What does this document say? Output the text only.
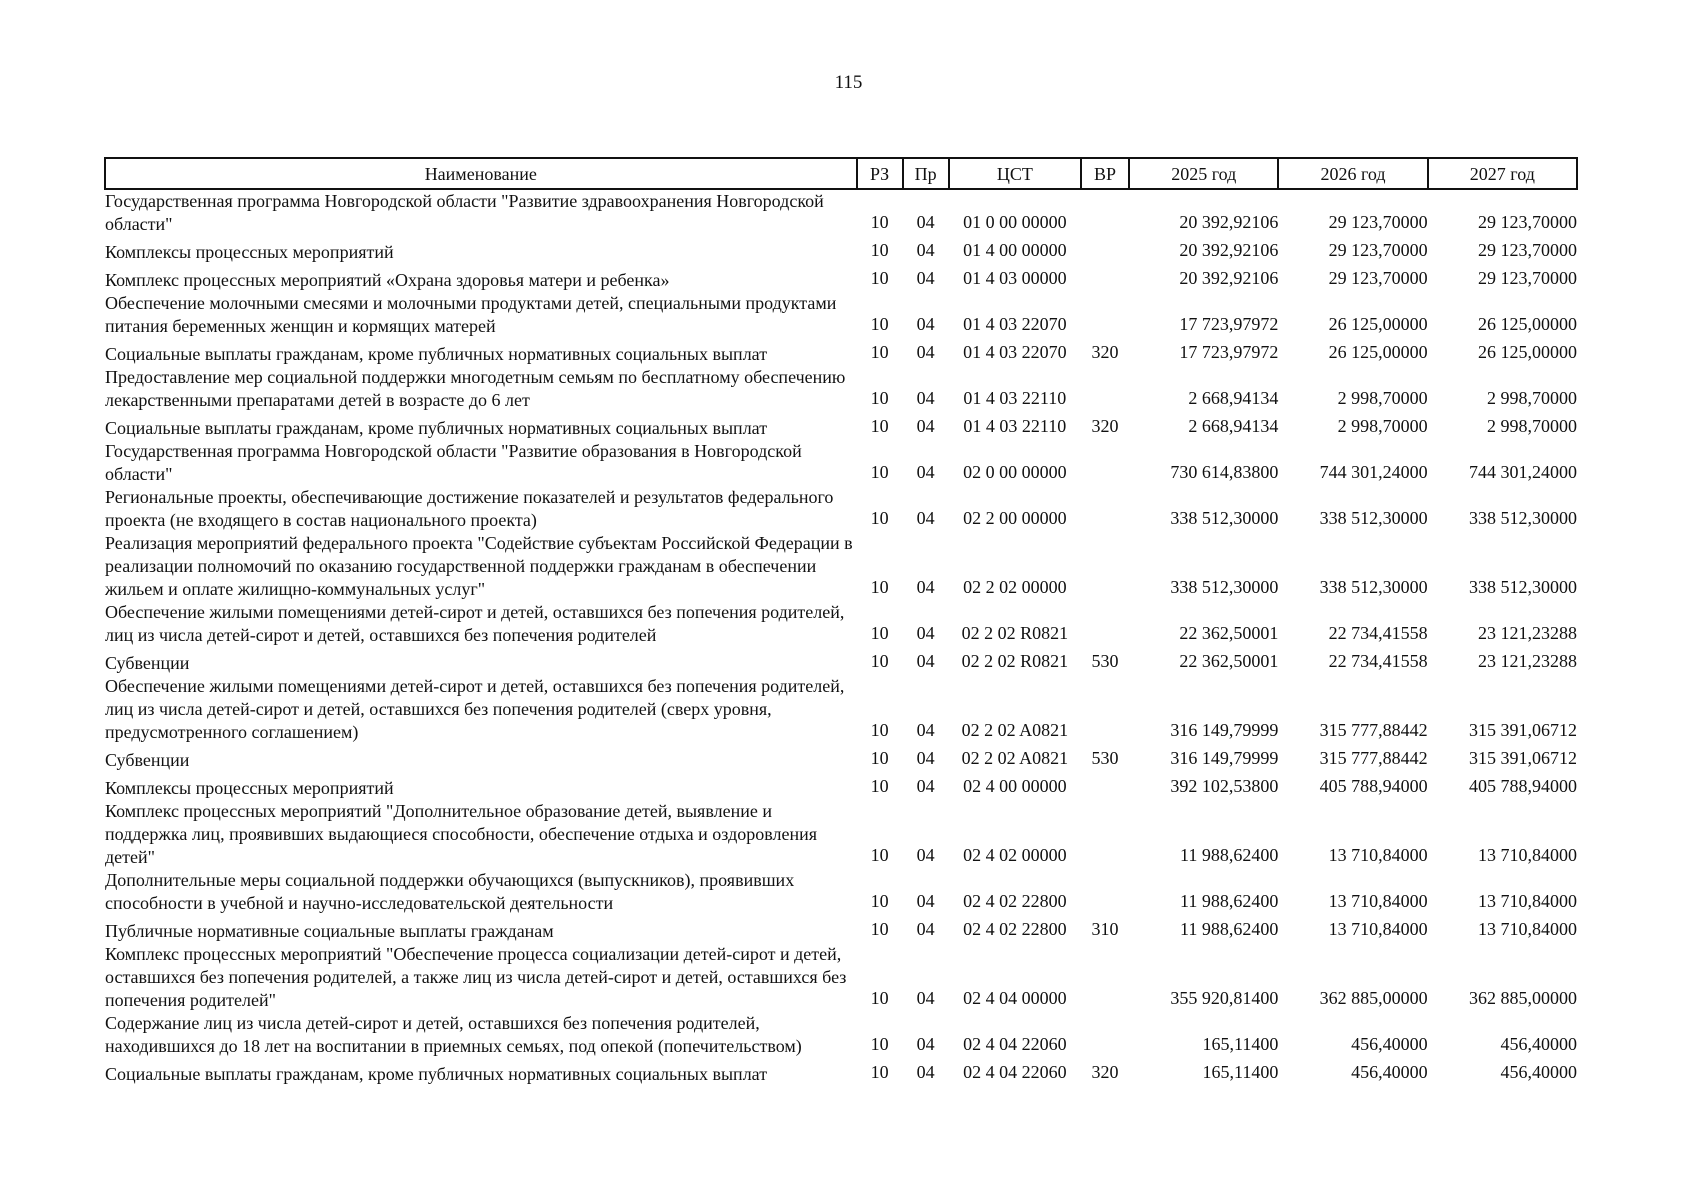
115
Наименование	РЗ	Пр	ЦСТ	ВР	2025 год	2026 год	2027 год
Государственная программа Новгородской области "Развитие здравоохранения Новгородской области"	10	04	01 0 00 00000		20 392,92106	29 123,70000	29 123,70000
Комплексы процессных мероприятий	10	04	01 4 00 00000		20 392,92106	29 123,70000	29 123,70000
Комплекс процессных мероприятий «Охрана здоровья матери и ребенка»	10	04	01 4 03 00000		20 392,92106	29 123,70000	29 123,70000
Обеспечение молочными смесями и молочными продуктами детей, специальными продуктами питания беременных женщин и кормящих матерей	10	04	01 4 03 22070		17 723,97972	26 125,00000	26 125,00000
Социальные выплаты гражданам, кроме публичных нормативных социальных выплат	10	04	01 4 03 22070	320	17 723,97972	26 125,00000	26 125,00000
Предоставление мер социальной поддержки многодетным семьям по бесплатному обеспечению лекарственными препаратами детей в возрасте до 6 лет	10	04	01 4 03 22110		2 668,94134	2 998,70000	2 998,70000
Социальные выплаты гражданам, кроме публичных нормативных социальных выплат	10	04	01 4 03 22110	320	2 668,94134	2 998,70000	2 998,70000
Государственная программа Новгородской области "Развитие образования в Новгородской области"	10	04	02 0 00 00000		730 614,83800	744 301,24000	744 301,24000
Региональные проекты, обеспечивающие достижение показателей и результатов федерального проекта (не входящего в состав национального проекта)	10	04	02 2 00 00000		338 512,30000	338 512,30000	338 512,30000
Реализация мероприятий федерального проекта "Содействие субъектам Российской Федерации в реализации полномочий по оказанию государственной поддержки гражданам в обеспечении жильем и оплате жилищно-коммунальных услуг"	10	04	02 2 02 00000		338 512,30000	338 512,30000	338 512,30000
Обеспечение жилыми помещениями детей-сирот и детей, оставшихся без попечения родителей, лиц из числа детей-сирот и детей, оставшихся без попечения родителей	10	04	02 2 02 R0821		22 362,50001	22 734,41558	23 121,23288
Субвенции	10	04	02 2 02 R0821	530	22 362,50001	22 734,41558	23 121,23288
Обеспечение жилыми помещениями детей-сирот и детей, оставшихся без попечения родителей, лиц из числа детей-сирот и детей, оставшихся без попечения родителей (сверх уровня, предусмотренного соглашением)	10	04	02 2 02 A0821		316 149,79999	315 777,88442	315 391,06712
Субвенции	10	04	02 2 02 A0821	530	316 149,79999	315 777,88442	315 391,06712
Комплексы процессных мероприятий	10	04	02 4 00 00000		392 102,53800	405 788,94000	405 788,94000
Комплекс процессных мероприятий "Дополнительное образование детей, выявление и поддержка лиц, проявивших выдающиеся способности, обеспечение отдыха и оздоровления детей"	10	04	02 4 02 00000		11 988,62400	13 710,84000	13 710,84000
Дополнительные меры социальной поддержки обучающихся (выпускников), проявивших способности в учебной и научно-исследовательской деятельности	10	04	02 4 02 22800		11 988,62400	13 710,84000	13 710,84000
Публичные нормативные социальные выплаты гражданам	10	04	02 4 02 22800	310	11 988,62400	13 710,84000	13 710,84000
Комплекс процессных мероприятий "Обеспечение процесса социализации детей-сирот и детей, оставшихся без попечения родителей, а также лиц из числа детей-сирот и детей, оставшихся без попечения родителей"	10	04	02 4 04 00000		355 920,81400	362 885,00000	362 885,00000
Содержание лиц из числа детей-сирот и детей, оставшихся без попечения родителей, находившихся до 18 лет на воспитании в приемных семьях, под опекой (попечительством)	10	04	02 4 04 22060		165,11400	456,40000	456,40000
Социальные выплаты гражданам, кроме публичных нормативных социальных выплат	10	04	02 4 04 22060	320	165,11400	456,40000	456,40000
